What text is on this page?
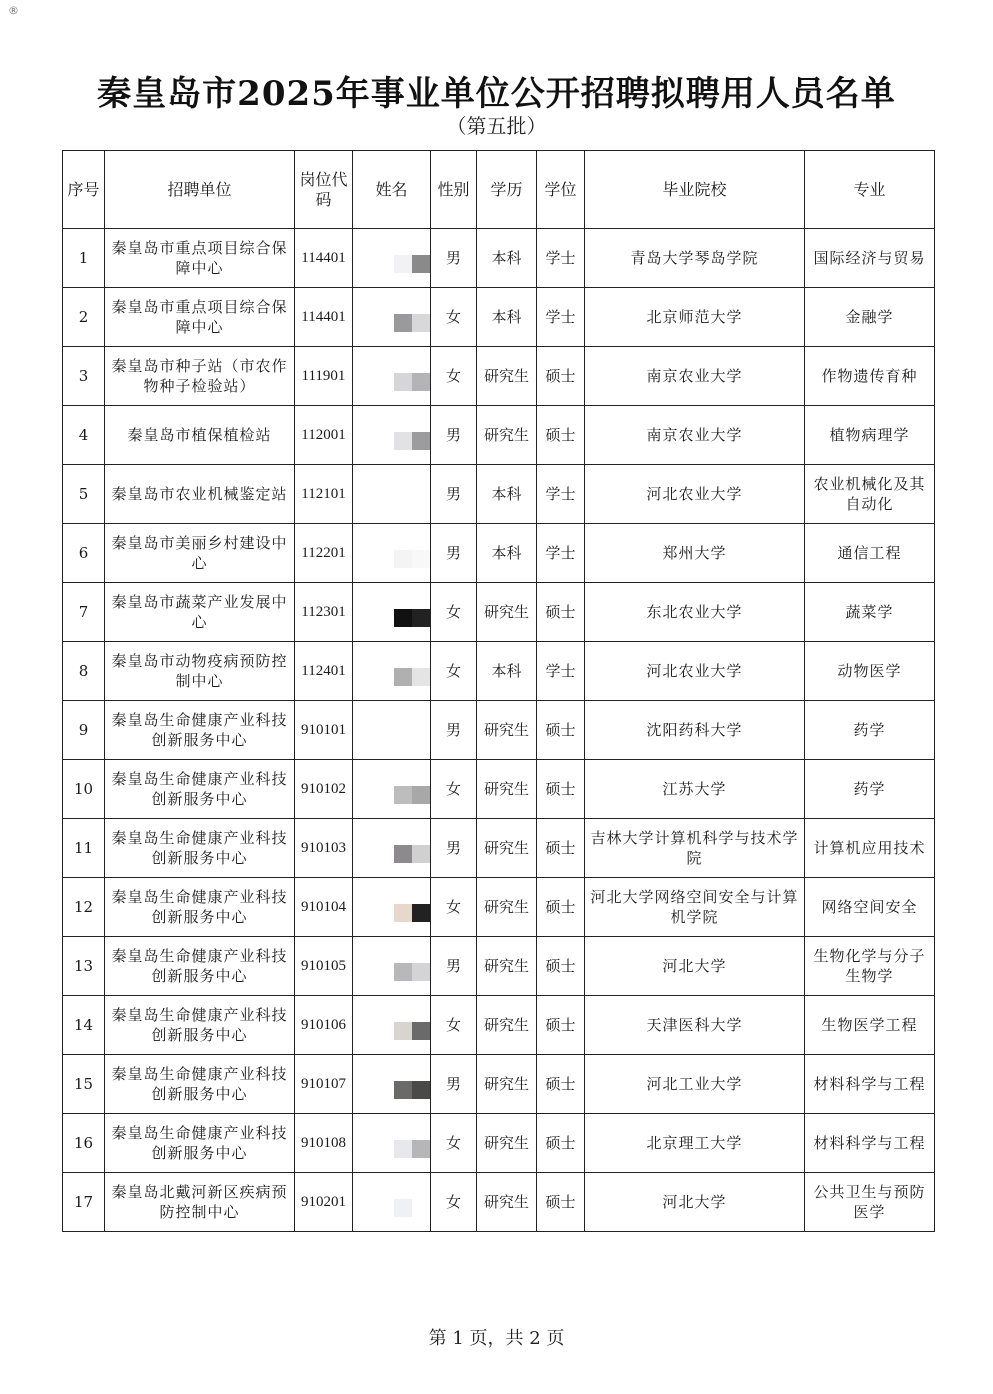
®
秦皇岛市2025年事业单位公开招聘拟聘用人员名单
（第五批）
序号	招聘单位	岗位代码	姓名	性别	学历	学位	毕业院校	专业
1	秦皇岛市重点项目综合保障中心	114401		男	本科	学士	青岛大学琴岛学院	国际经济与贸易
2	秦皇岛市重点项目综合保障中心	114401		女	本科	学士	北京师范大学	金融学
3	秦皇岛市种子站（市农作物种子检验站）	111901		女	研究生	硕士	南京农业大学	作物遗传育种
4	秦皇岛市植保植检站	112001		男	研究生	硕士	南京农业大学	植物病理学
5	秦皇岛市农业机械鉴定站	112101		男	本科	学士	河北农业大学	农业机械化及其自动化
6	秦皇岛市美丽乡村建设中心	112201		男	本科	学士	郑州大学	通信工程
7	秦皇岛市蔬菜产业发展中心	112301		女	研究生	硕士	东北农业大学	蔬菜学
8	秦皇岛市动物疫病预防控制中心	112401		女	本科	学士	河北农业大学	动物医学
9	秦皇岛生命健康产业科技创新服务中心	910101		男	研究生	硕士	沈阳药科大学	药学
10	秦皇岛生命健康产业科技创新服务中心	910102		女	研究生	硕士	江苏大学	药学
11	秦皇岛生命健康产业科技创新服务中心	910103		男	研究生	硕士	吉林大学计算机科学与技术学院	计算机应用技术
12	秦皇岛生命健康产业科技创新服务中心	910104		女	研究生	硕士	河北大学网络空间安全与计算机学院	网络空间安全
13	秦皇岛生命健康产业科技创新服务中心	910105		男	研究生	硕士	河北大学	生物化学与分子生物学
14	秦皇岛生命健康产业科技创新服务中心	910106		女	研究生	硕士	天津医科大学	生物医学工程
15	秦皇岛生命健康产业科技创新服务中心	910107		男	研究生	硕士	河北工业大学	材料科学与工程
16	秦皇岛生命健康产业科技创新服务中心	910108		女	研究生	硕士	北京理工大学	材料科学与工程
17	秦皇岛北戴河新区疾病预防控制中心	910201		女	研究生	硕士	河北大学	公共卫生与预防医学
第 1 页，共 2 页
